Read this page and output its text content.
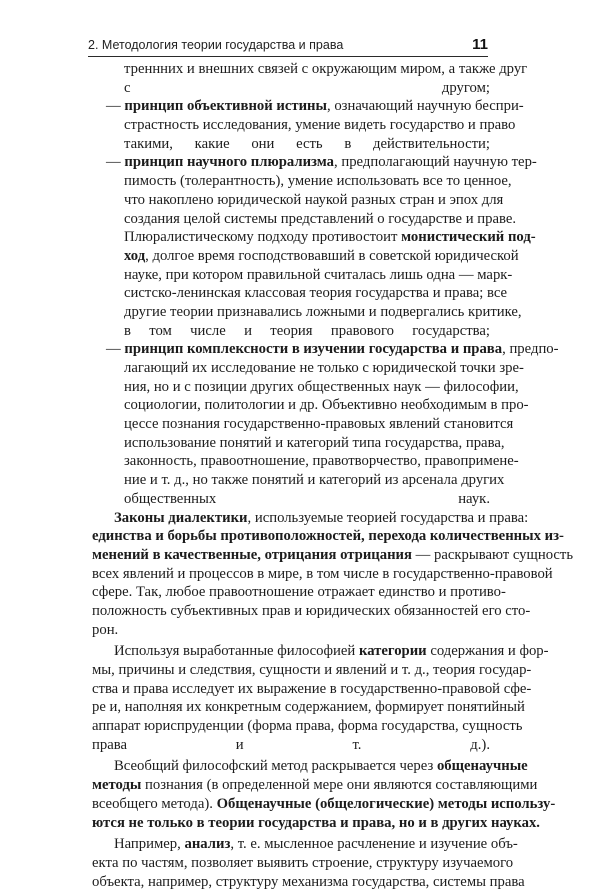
2. Методология теории государства и права	11
треннних и внешних связей с окружающим миром, а также друг
с другом;
— принцип объективной истины, означающий научную беспри-
страстность исследования, умение видеть государство и право
такими, какие они есть в действительности;
— принцип научного плюрализма, предполагающий научную тер-
пимость (толерантность), умение использовать все то ценное,
что накоплено юридической наукой разных стран и эпох для
создания целой системы представлений о государстве и праве.
Плюралистическому подходу противостоит монистический под-
ход, долгое время господствовавший в советской юридической
науке, при котором правильной считалась лишь одна — марк-
систско-ленинская классовая теория государства и права; все
другие теории признавались ложными и подвергались критике,
в том числе и теория правового государства;
— принцип комплексности в изучении государства и права, предпо-
лагающий их исследование не только с юридической точки зре-
ния, но и с позиции других общественных наук — философии,
социологии, политологии и др. Объективно необходимым в про-
цессе познания государственно-правовых явлений становится
использование понятий и категорий типа государства, права,
законность, правоотношение, правотворчество, правопримене-
ние и т. д., но также понятий и категорий из арсенала других
общественных наук.
Законы диалектики, используемые теорией государства и права:
единства и борьбы противоположностей, перехода количественных из-
менений в качественные, отрицания отрицания — раскрывают сущность
всех явлений и процессов в мире, в том числе в государственно-правовой
сфере. Так, любое правоотношение отражает единство и противо-
положность субъективных прав и юридических обязанностей его сто-
рон.
Используя выработанные философией категории содержания и фор-
мы, причины и следствия, сущности и явлений и т. д., теория государ-
ства и права исследует их выражение в государственно-правовой сфе-
ре и, наполняя их конкретным содержанием, формирует понятийный
аппарат юриспруденции (форма права, форма государства, сущность
права и т. д.).
Всеобщий философский метод раскрывается через общенаучные
методы познания (в определенной мере они являются составляющими
всеобщего метода). Общенаучные (общелогические) методы использу-
ются не только в теории государства и права, но и в других науках.
Например, анализ, т. е. мысленное расчленение и изучение объ-
екта по частям, позволяет выявить строение, структуру изучаемого
объекта, например, структуру механизма государства, системы права
